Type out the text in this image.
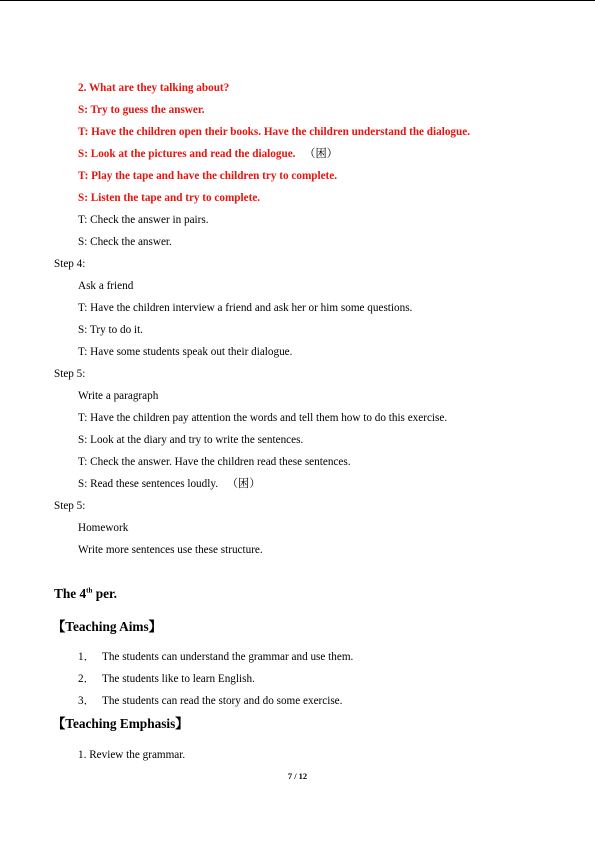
2. What are they talking about?
S: Try to guess the answer.
T: Have the children open their books. Have the children understand the dialogue.
S: Look at the pictures and read the dialogue. （困）
T: Play the tape and have the children try to complete.
S: Listen the tape and try to complete.
T: Check the answer in pairs.
S: Check the answer.
Step 4:
Ask a friend
T: Have the children interview a friend and ask her or him some questions.
S: Try to do it.
T: Have some students speak out their dialogue.
Step 5:
Write a paragraph
T: Have the children pay attention the words and tell them how to do this exercise.
S: Look at the diary and try to write the sentences.
T: Check the answer. Have the children read these sentences.
S: Read these sentences loudly. （困）
Step 5:
Homework
Write more sentences use these structure.
The 4th per.
【Teaching Aims】
1． The students can understand the grammar and use them.
2． The students like to learn English.
3． The students can read the story and do some exercise.
【Teaching Emphasis】
1. Review the grammar.
7 / 12
